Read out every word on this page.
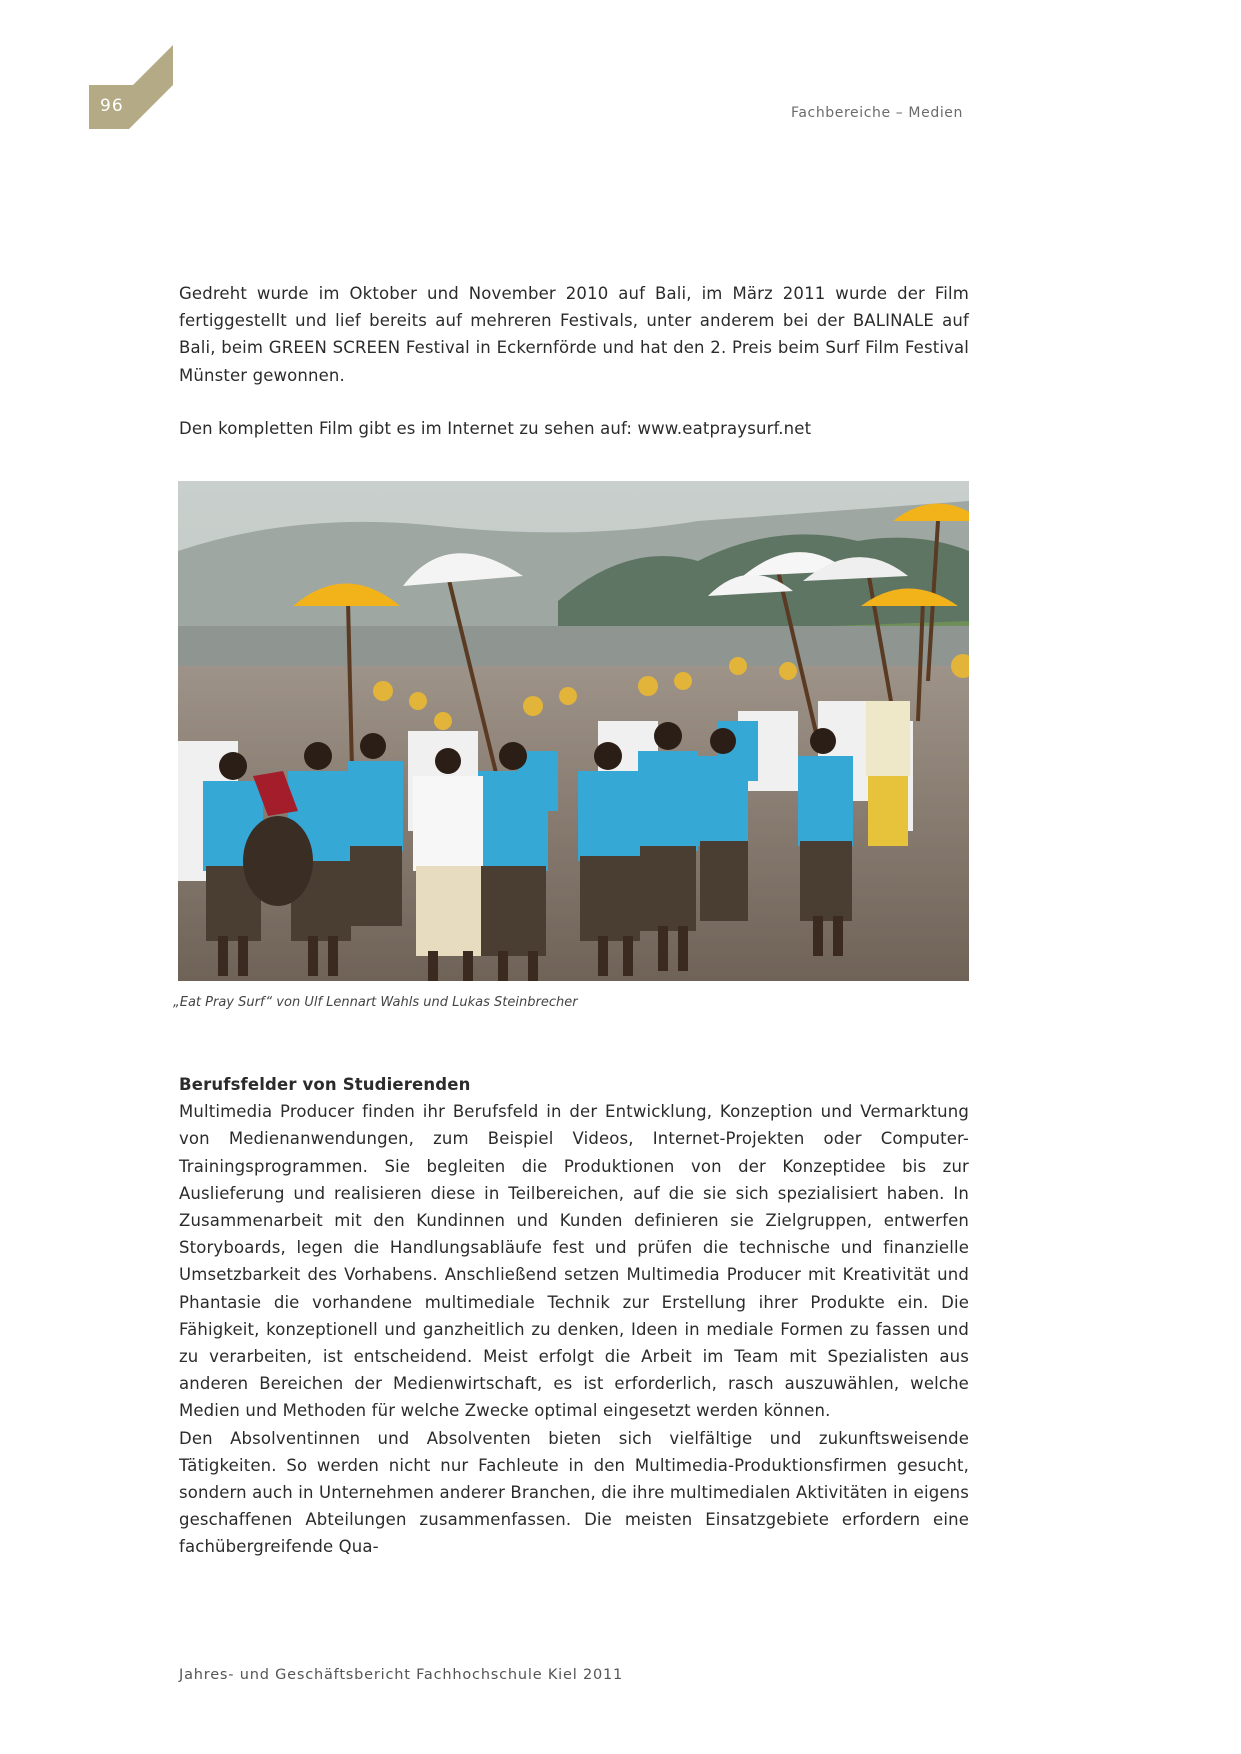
96	Fachbereiche – Medien

Gedreht wurde im Oktober und November 2010 auf Bali, im März 2011 wurde der Film fertiggestellt und lief bereits auf mehreren Festivals, unter anderem bei der BALINALE auf Bali, beim GREEN SCREEN Festival in Eckernförde und hat den 2. Preis beim Surf Film Festival Münster gewonnen.

Den kompletten Film gibt es im Internet zu sehen auf: www.eatpraysurf.net

„Eat Pray Surf“ von Ulf Lennart Wahls und Lukas Steinbrecher

Berufsfelder von Studierenden

Multimedia Producer finden ihr Berufsfeld in der Entwicklung, Konzeption und Vermarktung von Medienanwendungen, zum Beispiel Videos, Internet-Projekten oder Computer-Trainingsprogrammen. Sie begleiten die Produktionen von der Konzeptidee bis zur Auslieferung und realisieren diese in Teilbereichen, auf die sie sich spezialisiert haben. In Zusammenarbeit mit den Kundinnen und Kunden definieren sie Zielgruppen, entwerfen Storyboards, legen die Handlungsabläufe fest und prüfen die technische und finanzielle Umsetzbarkeit des Vorhabens. Anschließend setzen Multimedia Producer mit Kreativität und Phantasie die vorhandene multimediale Technik zur Erstellung ihrer Produkte ein. Die Fähigkeit, konzeptionell und ganzheitlich zu denken, Ideen in mediale Formen zu fassen und zu verarbeiten, ist entscheidend. Meist erfolgt die Arbeit im Team mit Spezialisten aus anderen Bereichen der Medienwirtschaft, es ist erforderlich, rasch auszuwählen, welche Medien und Methoden für welche Zwecke optimal eingesetzt werden können.

Den Absolventinnen und Absolventen bieten sich vielfältige und zukunftsweisende Tätigkeiten. So werden nicht nur Fachleute in den Multimedia-Produktionsfirmen gesucht, sondern auch in Unternehmen anderer Branchen, die ihre multimedialen Aktivitäten in eigens geschaffenen Abteilungen zusammenfassen. Die meisten Einsatzgebiete erfordern eine fachübergreifende Qua-

Jahres- und Geschäftsbericht Fachhochschule Kiel 2011
